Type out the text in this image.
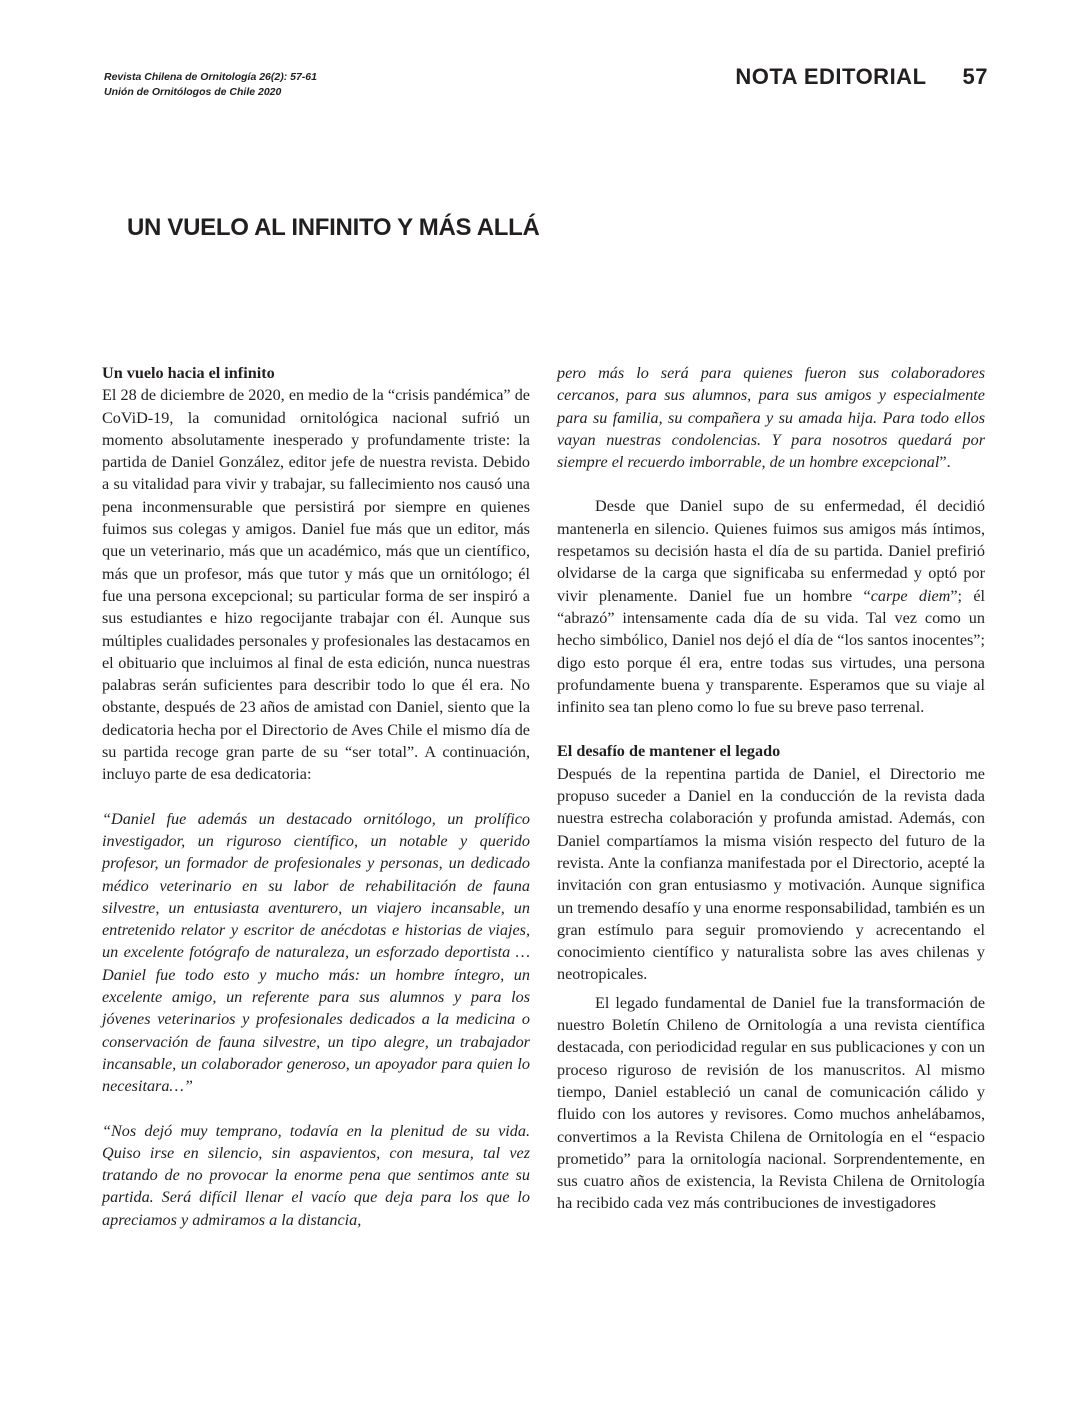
Revista Chilena de Ornitología 26(2): 57-61
Unión de Ornitólogos de Chile 2020
NOTA EDITORIAL 57
UN VUELO AL INFINITO Y MÁS ALLÁ
Un vuelo hacia el infinito

El 28 de diciembre de 2020, en medio de la “crisis pandémica” de CoViD-19, la comunidad ornitológica nacional sufrió un momento absolutamente inesperado y profundamente triste: la partida de Daniel González, editor jefe de nuestra revista. Debido a su vitalidad para vivir y trabajar, su fallecimiento nos causó una pena inconmensurable que persistirá por siempre en quienes fuimos sus colegas y amigos. Daniel fue más que un editor, más que un veterinario, más que un académico, más que un científico, más que un profesor, más que tutor y más que un ornitólogo; él fue una persona excepcional; su particular forma de ser inspiró a sus estudiantes e hizo regocijante trabajar con él. Aunque sus múltiples cualidades personales y profesionales las destacamos en el obituario que incluimos al final de esta edición, nunca nuestras palabras serán suficientes para describir todo lo que él era. No obstante, después de 23 años de amistad con Daniel, siento que la dedicatoria hecha por el Directorio de Aves Chile el mismo día de su partida recoge gran parte de su “ser total”. A continuación, incluyo parte de esa dedicatoria:

“Daniel fue además un destacado ornitólogo, un prolífico investigador, un riguroso científico, un notable y querido profesor, un formador de profesionales y personas, un dedicado médico veterinario en su labor de rehabilitación de fauna silvestre, un entusiasta aventurero, un viajero incansable, un entretenido relator y escritor de anécdotas e historias de viajes, un excelente fotógrafo de naturaleza, un esforzado deportista … Daniel fue todo esto y mucho más: un hombre íntegro, un excelente amigo, un referente para sus alumnos y para los jóvenes veterinarios y profesionales dedicados a la medicina o conservación de fauna silvestre, un tipo alegre, un trabajador incansable, un colaborador generoso, un apoyador para quien lo necesitara…”

“Nos dejó muy temprano, todavía en la plenitud de su vida. Quiso irse en silencio, sin aspavientos, con mesura, tal vez tratando de no provocar la enorme pena que sentimos ante su partida. Será difícil llenar el vacío que deja para los que lo apreciamos y admiramos a la distancia,

pero más lo será para quienes fueron sus colaboradores cercanos, para sus alumnos, para sus amigos y especialmente para su familia, su compañera y su amada hija. Para todo ellos vayan nuestras condolencias. Y para nosotros quedará por siempre el recuerdo imborrable, de un hombre excepcional”.

Desde que Daniel supo de su enfermedad, él decidió mantenerla en silencio. Quienes fuimos sus amigos más íntimos, respetamos su decisión hasta el día de su partida. Daniel prefirió olvidarse de la carga que significaba su enfermedad y optó por vivir plenamente. Daniel fue un hombre “carpe diem”; él “abrazó” intensamente cada día de su vida. Tal vez como un hecho simbólico, Daniel nos dejó el día de “los santos inocentes”; digo esto porque él era, entre todas sus virtudes, una persona profundamente buena y transparente. Esperamos que su viaje al infinito sea tan pleno como lo fue su breve paso terrenal.

El desafío de mantener el legado

Después de la repentina partida de Daniel, el Directorio me propuso suceder a Daniel en la conducción de la revista dada nuestra estrecha colaboración y profunda amistad. Además, con Daniel compartíamos la misma visión respecto del futuro de la revista. Ante la confianza manifestada por el Directorio, acepté la invitación con gran entusiasmo y motivación. Aunque significa un tremendo desafío y una enorme responsabilidad, también es un gran estímulo para seguir promoviendo y acrecentando el conocimiento científico y naturalista sobre las aves chilenas y neotropicales.

El legado fundamental de Daniel fue la transformación de nuestro Boletín Chileno de Ornitología a una revista científica destacada, con periodicidad regular en sus publicaciones y con un proceso riguroso de revisión de los manuscritos. Al mismo tiempo, Daniel estableció un canal de comunicación cálido y fluido con los autores y revisores. Como muchos anhelábamos, convertimos a la Revista Chilena de Ornitología en el “espacio prometido” para la ornitología nacional. Sorprendentemente, en sus cuatro años de existencia, la Revista Chilena de Ornitología ha recibido cada vez más contribuciones de investigadores
